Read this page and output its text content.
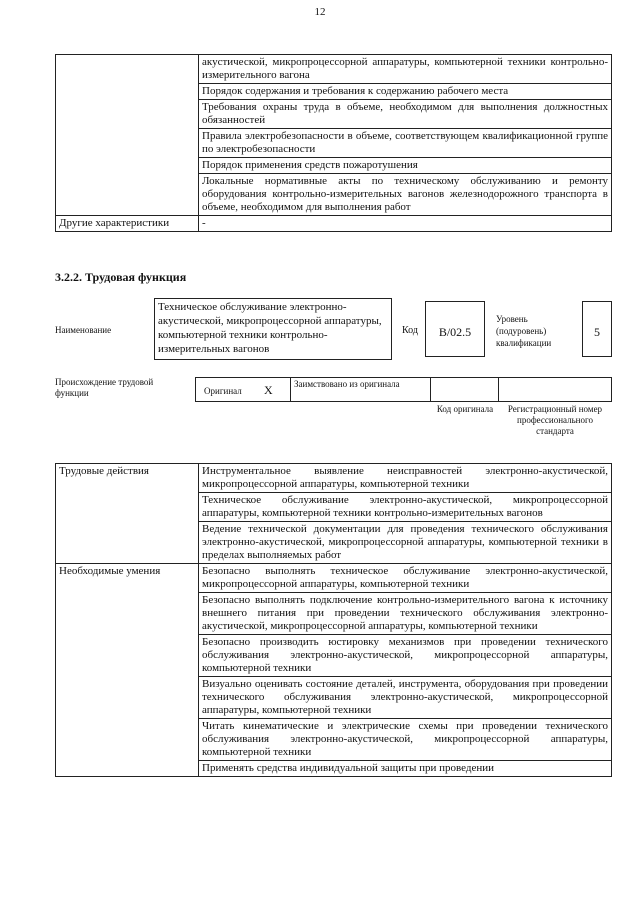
12
	акустической, микропроцессорной аппаратуры, компьютерной техники контрольно-измерительного вагона
	Порядок содержания и требования к содержанию рабочего места
	Требования охраны труда в объеме, необходимом для выполнения должностных обязанностей
	Правила электробезопасности в объеме, соответствующем квалификационной группе по электробезопасности
	Порядок применения средств пожаротушения
	Локальные нормативные акты по техническому обслуживанию и ремонту оборудования контрольно-измерительных вагонов железнодорожного транспорта в объеме, необходимом для выполнения работ
Другие характеристики	-
3.2.2. Трудовая функция
Наименование
Техническое обслуживание электронно-акустической, микропроцессорной аппаратуры, компьютерной техники контрольно-измерительных вагонов
Код	B/02.5
Уровень (подуровень) квалификации
5
Происхождение трудовой функции	Оригинал X	Заимствовано из оригинала
Код оригинала	Регистрационный номер профессионального стандарта
Трудовые действия	Инструментальное выявление неисправностей электронно-акустической, микропроцессорной аппаратуры, компьютерной техники
	Техническое обслуживание электронно-акустической, микропроцессорной аппаратуры, компьютерной техники контрольно-измерительных вагонов
	Ведение технической документации для проведения технического обслуживания электронно-акустической, микропроцессорной аппаратуры, компьютерной техники в пределах выполняемых работ
Необходимые умения	Безопасно выполнять техническое обслуживание электронно-акустической, микропроцессорной аппаратуры, компьютерной техники
	Безопасно выполнять подключение контрольно-измерительного вагона к источнику внешнего питания при проведении технического обслуживания электронно-акустической, микропроцессорной аппаратуры, компьютерной техники
	Безопасно производить юстировку механизмов при проведении технического обслуживания электронно-акустической, микропроцессорной аппаратуры, компьютерной техники
	Визуально оценивать состояние деталей, инструмента, оборудования при проведении технического обслуживания электронно-акустической, микропроцессорной аппаратуры, компьютерной техники
	Читать кинематические и электрические схемы при проведении технического обслуживания электронно-акустической, микропроцессорной аппаратуры, компьютерной техники
	Применять средства индивидуальной защиты при проведении
